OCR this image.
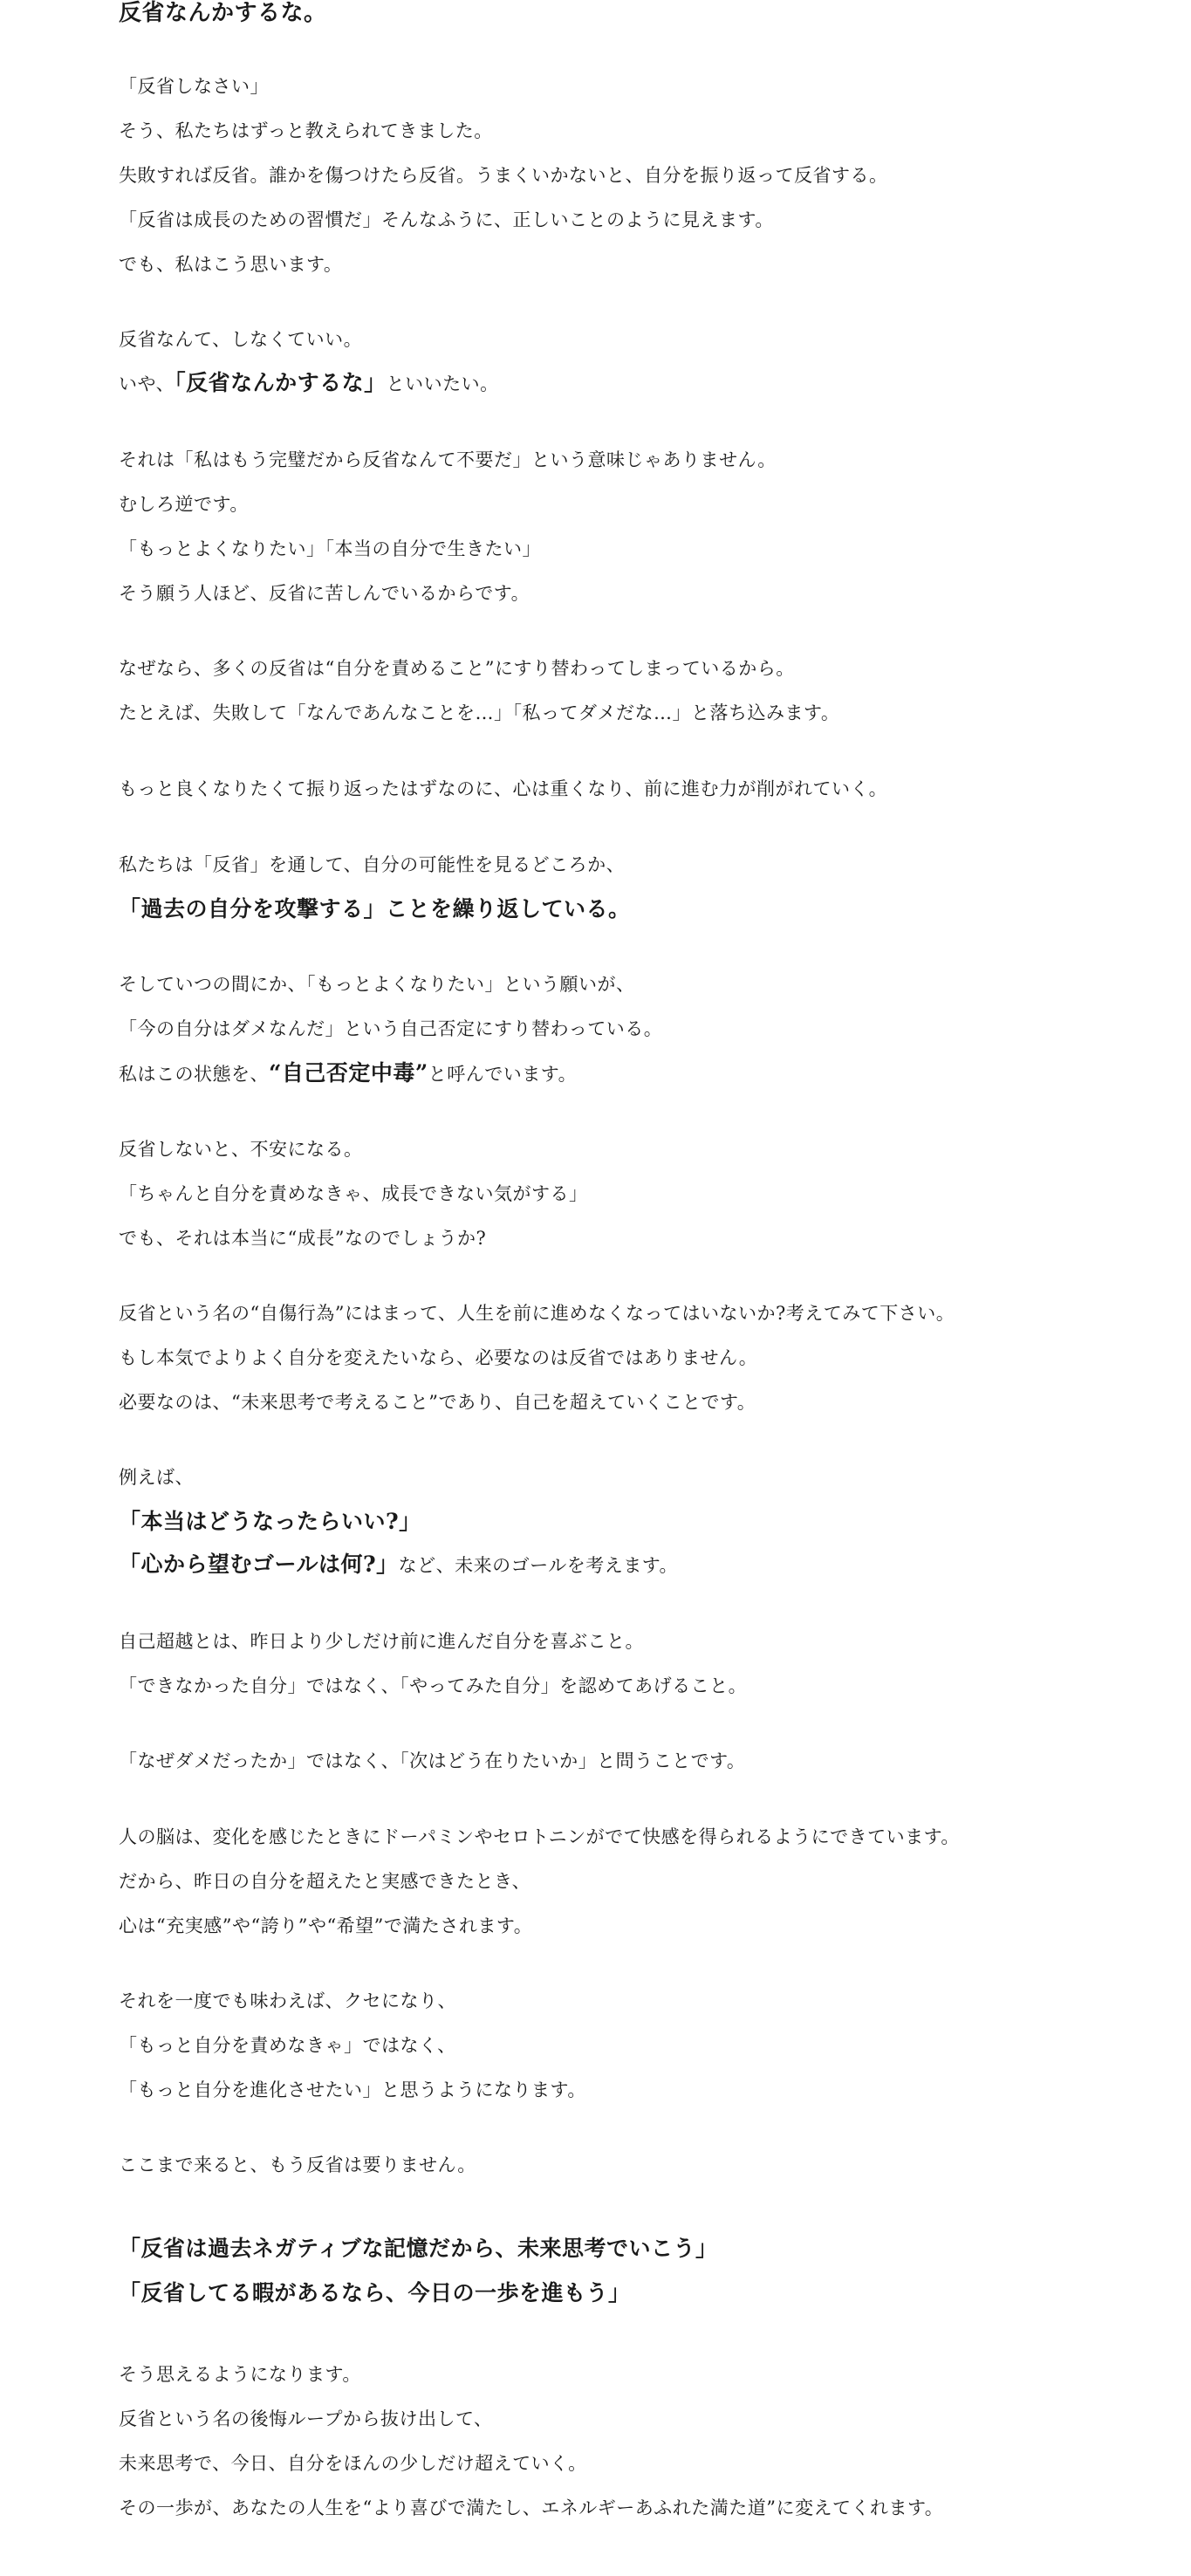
反省なんかするな。

「反省しなさい」

そう、私たちはずっと教えられてきました。

失敗すれば反省。誰かを傷つけたら反省。うまくいかないと、自分を振り返って反省する。

「反省は成長のための習慣だ」そんなふうに、正しいことのように見えます。

でも、私はこう思います。

反省なんて、しなくていい。

いや、「反省なんかするな」といいたい。

それは「私はもう完璧だから反省なんて不要だ」という意味じゃありません。

むしろ逆です。

「もっとよくなりたい」「本当の自分で生きたい」

そう願う人ほど、反省に苦しんでいるからです。

なぜなら、多くの反省は“自分を責めること”にすり替わってしまっているから。

たとえば、失敗して「なんであんなことを…」「私ってダメだな…」と落ち込みます。

もっと良くなりたくて振り返ったはずなのに、心は重くなり、前に進む力が削がれていく。

私たちは「反省」を通して、自分の可能性を見るどころか、

「過去の自分を攻撃する」ことを繰り返している。

そしていつの間にか、「もっとよくなりたい」という願いが、

「今の自分はダメなんだ」という自己否定にすり替わっている。

私はこの状態を、“自己否定中毒”と呼んでいます。

反省しないと、不安になる。

「ちゃんと自分を責めなきゃ、成長できない気がする」

でも、それは本当に“成長”なのでしょうか?

反省という名の“自傷行為”にはまって、人生を前に進めなくなってはいないか?考えてみて下さい。

もし本気でよりよく自分を変えたいなら、必要なのは反省ではありません。

必要なのは、“未来思考で考えること”であり、自己を超えていくことです。

例えば、

「本当はどうなったらいい?」

「心から望むゴールは何?」など、未来のゴールを考えます。

自己超越とは、昨日より少しだけ前に進んだ自分を喜ぶこと。

「できなかった自分」ではなく、「やってみた自分」を認めてあげること。

「なぜダメだったか」ではなく、「次はどう在りたいか」と問うことです。

人の脳は、変化を感じたときにドーパミンやセロトニンがでて快感を得られるようにできています。

だから、昨日の自分を超えたと実感できたとき、

心は“充実感”や“誇り”や“希望”で満たされます。

それを一度でも味わえば、クセになり、

「もっと自分を責めなきゃ」ではなく、

「もっと自分を進化させたい」と思うようになります。

ここまで来ると、もう反省は要りません。

「反省は過去ネガティブな記憶だから、未来思考でいこう」

「反省してる暇があるなら、今日の一歩を進もう」

そう思えるようになります。

反省という名の後悔ループから抜け出して、

未来思考で、今日、自分をほんの少しだけ超えていく。

その一歩が、あなたの人生を“より喜びで満たし、エネルギーあふれた満た道”に変えてくれます。
